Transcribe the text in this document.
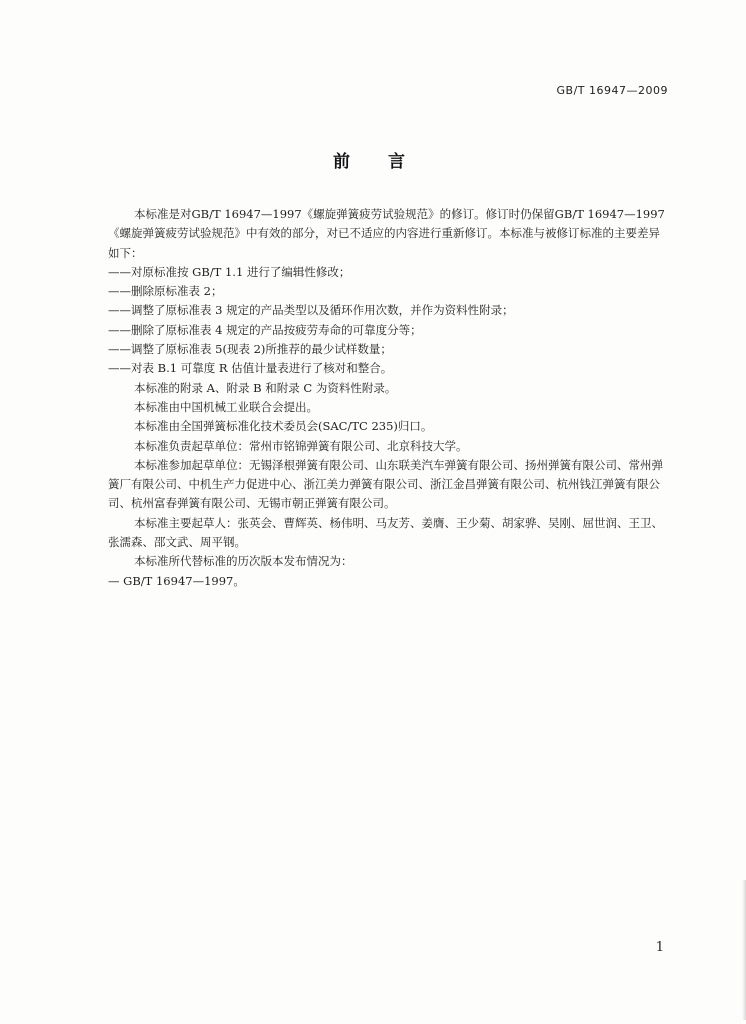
GB/T 16947—2009
前言

本标准是对GB/T 16947—1997《螺旋弹簧疲劳试验规范》的修订。修订时仍保留GB/T 16947—1997《螺旋弹簧疲劳试验规范》中有效的部分，对已不适应的内容进行重新修订。本标准与被修订标准的主要差异如下：

——对原标准按 GB/T 1.1 进行了编辑性修改；

——删除原标准表 2；

——调整了原标准表 3 规定的产品类型以及循环作用次数，并作为资料性附录；

——删除了原标准表 4 规定的产品按疲劳寿命的可靠度分等；

——调整了原标准表 5(现表 2)所推荐的最少试样数量；

——对表 B.1 可靠度 R 估值计量表进行了核对和整合。

本标准的附录 A、附录 B 和附录 C 为资料性附录。

本标准由中国机械工业联合会提出。

本标准由全国弹簧标准化技术委员会(SAC/TC 235)归口。

本标准负责起草单位：常州市铭锦弹簧有限公司、北京科技大学。

本标准参加起草单位：无锡泽根弹簧有限公司、山东联美汽车弹簧有限公司、扬州弹簧有限公司、常州弹簧厂有限公司、中机生产力促进中心、浙江美力弹簧有限公司、浙江金昌弹簧有限公司、杭州钱江弹簧有限公司、杭州富春弹簧有限公司、无锡市朝正弹簧有限公司。

本标准主要起草人：张英会、曹辉英、杨伟明、马友芳、姜膺、王少菊、胡家骅、吴刚、屈世润、王卫、张濡森、邵文武、周平钢。

本标准所代替标准的历次版本发布情况为：

— GB/T 16947—1997。

1
